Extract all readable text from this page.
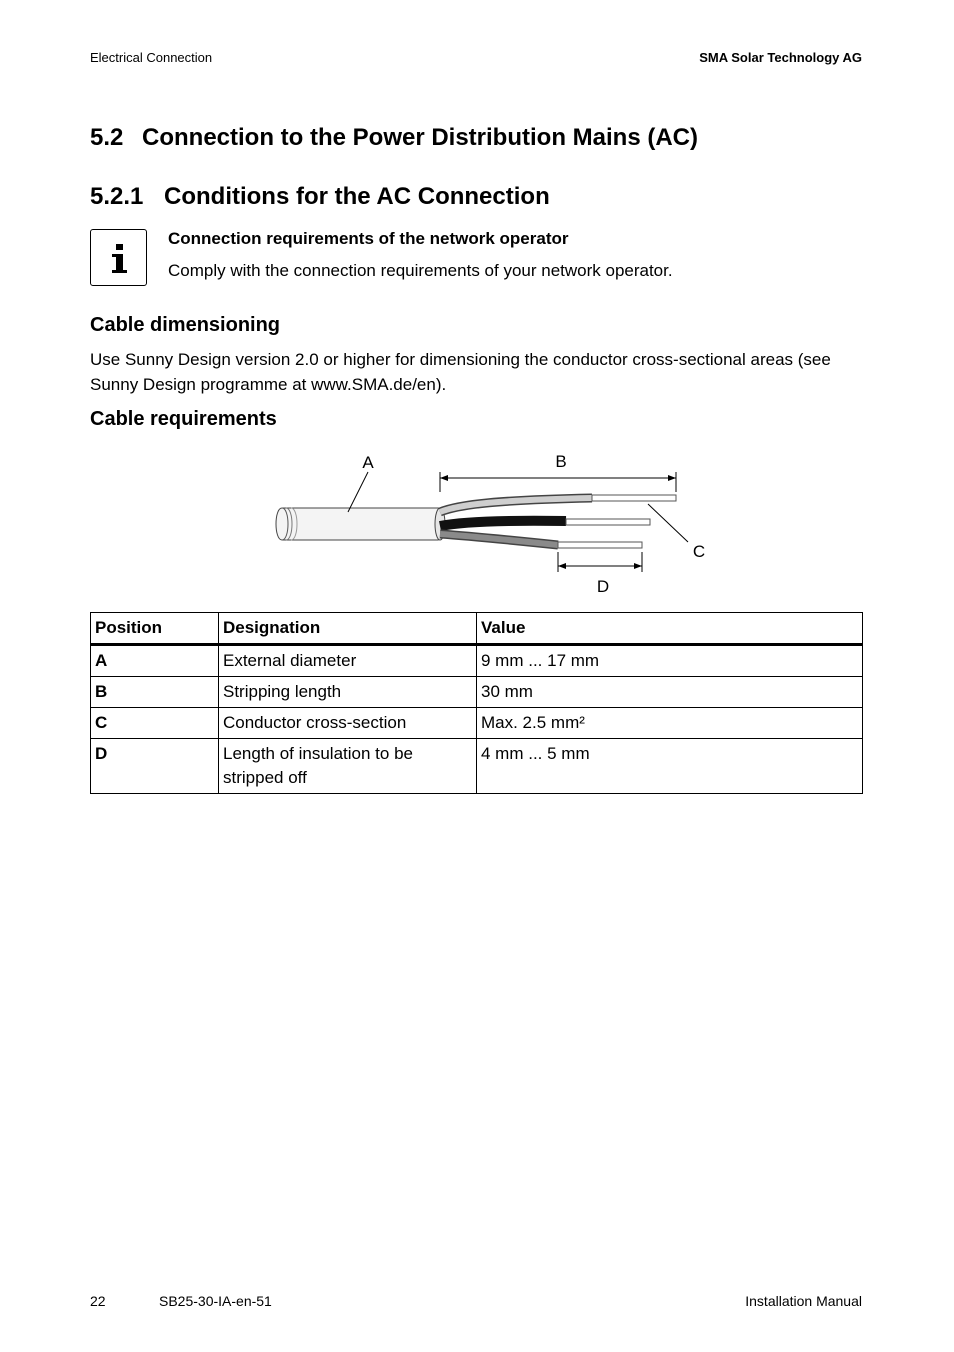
Electrical Connection	SMA Solar Technology AG
5.2 Connection to the Power Distribution Mains (AC)
5.2.1 Conditions for the AC Connection
Connection requirements of the network operator
Comply with the connection requirements of your network operator.
Cable dimensioning
Use Sunny Design version 2.0 or higher for dimensioning the conductor cross-sectional areas (see Sunny Design programme at www.SMA.de/en).
Cable requirements
A	B
C
D
Position	Designation	Value
A	External diameter	9 mm ... 17 mm
B	Stripping length	30 mm
C	Conductor cross-section	Max. 2.5 mm²
D	Length of insulation to be stripped off	4 mm ... 5 mm
22	SB25-30-IA-en-51	Installation Manual
